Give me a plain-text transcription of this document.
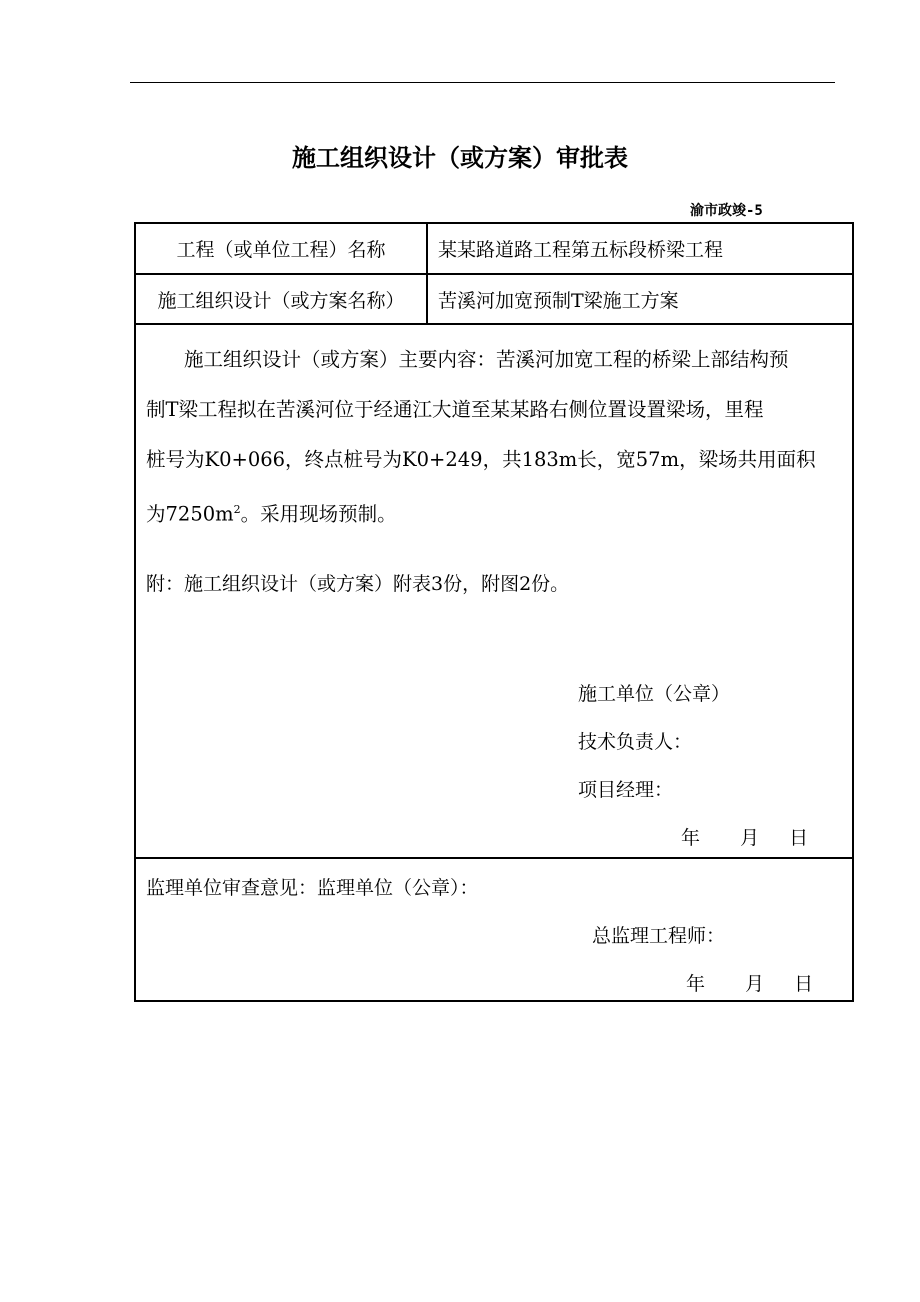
施工组织设计（或方案）审批表
渝市政竣-5
工程（或单位工程）名称	某某路道路工程第五标段桥梁工程
施工组织设计（或方案名称）	苦溪河加宽预制T梁施工方案

施工组织设计（或方案）主要内容：苦溪河加宽工程的桥梁上部结构预

制T梁工程拟在苦溪河位于经通江大道至某某路右侧位置设置梁场，里程

桩号为K0+066，终点桩号为K0+249，共183m长，宽57m，梁场共用面积

为$7250m^2$。采用现场预制。

附：施工组织设计（或方案）附表3份，附图2份。
施工单位（公章）
技术负责人：
项目经理：
年 月 日
监理单位审查意见：监理单位（公章）：
总监理工程师：
年 月 日
